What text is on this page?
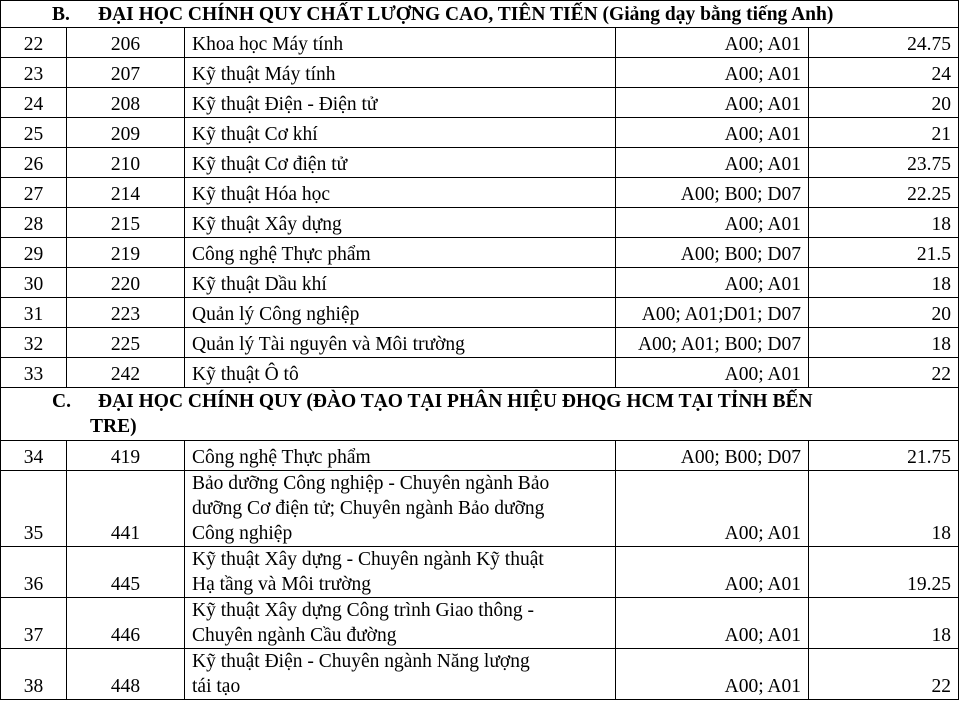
B. ĐẠI HỌC CHÍNH QUY CHẤT LƯỢNG CAO, TIÊN TIẾN (Giảng dạy bằng tiếng Anh)				
22	206	Khoa học Máy tính	A00; A01	24.75
23	207	Kỹ thuật Máy tính	A00; A01	24
24	208	Kỹ thuật Điện - Điện tử	A00; A01	20
25	209	Kỹ thuật Cơ khí	A00; A01	21
26	210	Kỹ thuật Cơ điện tử	A00; A01	23.75
27	214	Kỹ thuật Hóa học	A00; B00; D07	22.25
28	215	Kỹ thuật Xây dựng	A00; A01	18
29	219	Công nghệ Thực phẩm	A00; B00; D07	21.5
30	220	Kỹ thuật Dầu khí	A00; A01	18
31	223	Quản lý Công nghiệp	A00; A01;D01; D07	20
32	225	Quản lý Tài nguyên và Môi trường	A00; A01; B00; D07	18
33	242	Kỹ thuật Ô tô	A00; A01	22
C. ĐẠI HỌC CHÍNH QUY (ĐÀO TẠO TẠI PHÂN HIỆU ĐHQG HCM TẠI TỈNH BẾN
TRE)				
34	419	Công nghệ Thực phẩm	A00; B00; D07	21.75
35	441	Bảo dưỡng Công nghiệp - Chuyên ngành Bảo
dưỡng Cơ điện tử; Chuyên ngành Bảo dưỡng
Công nghiệp	A00; A01	18
36	445	Kỹ thuật Xây dựng - Chuyên ngành Kỹ thuật
Hạ tầng và Môi trường	A00; A01	19.25
37	446	Kỹ thuật Xây dựng Công trình Giao thông -
Chuyên ngành Cầu đường	A00; A01	18
38	448	Kỹ thuật Điện - Chuyên ngành Năng lượng
tái tạo	A00; A01	22
